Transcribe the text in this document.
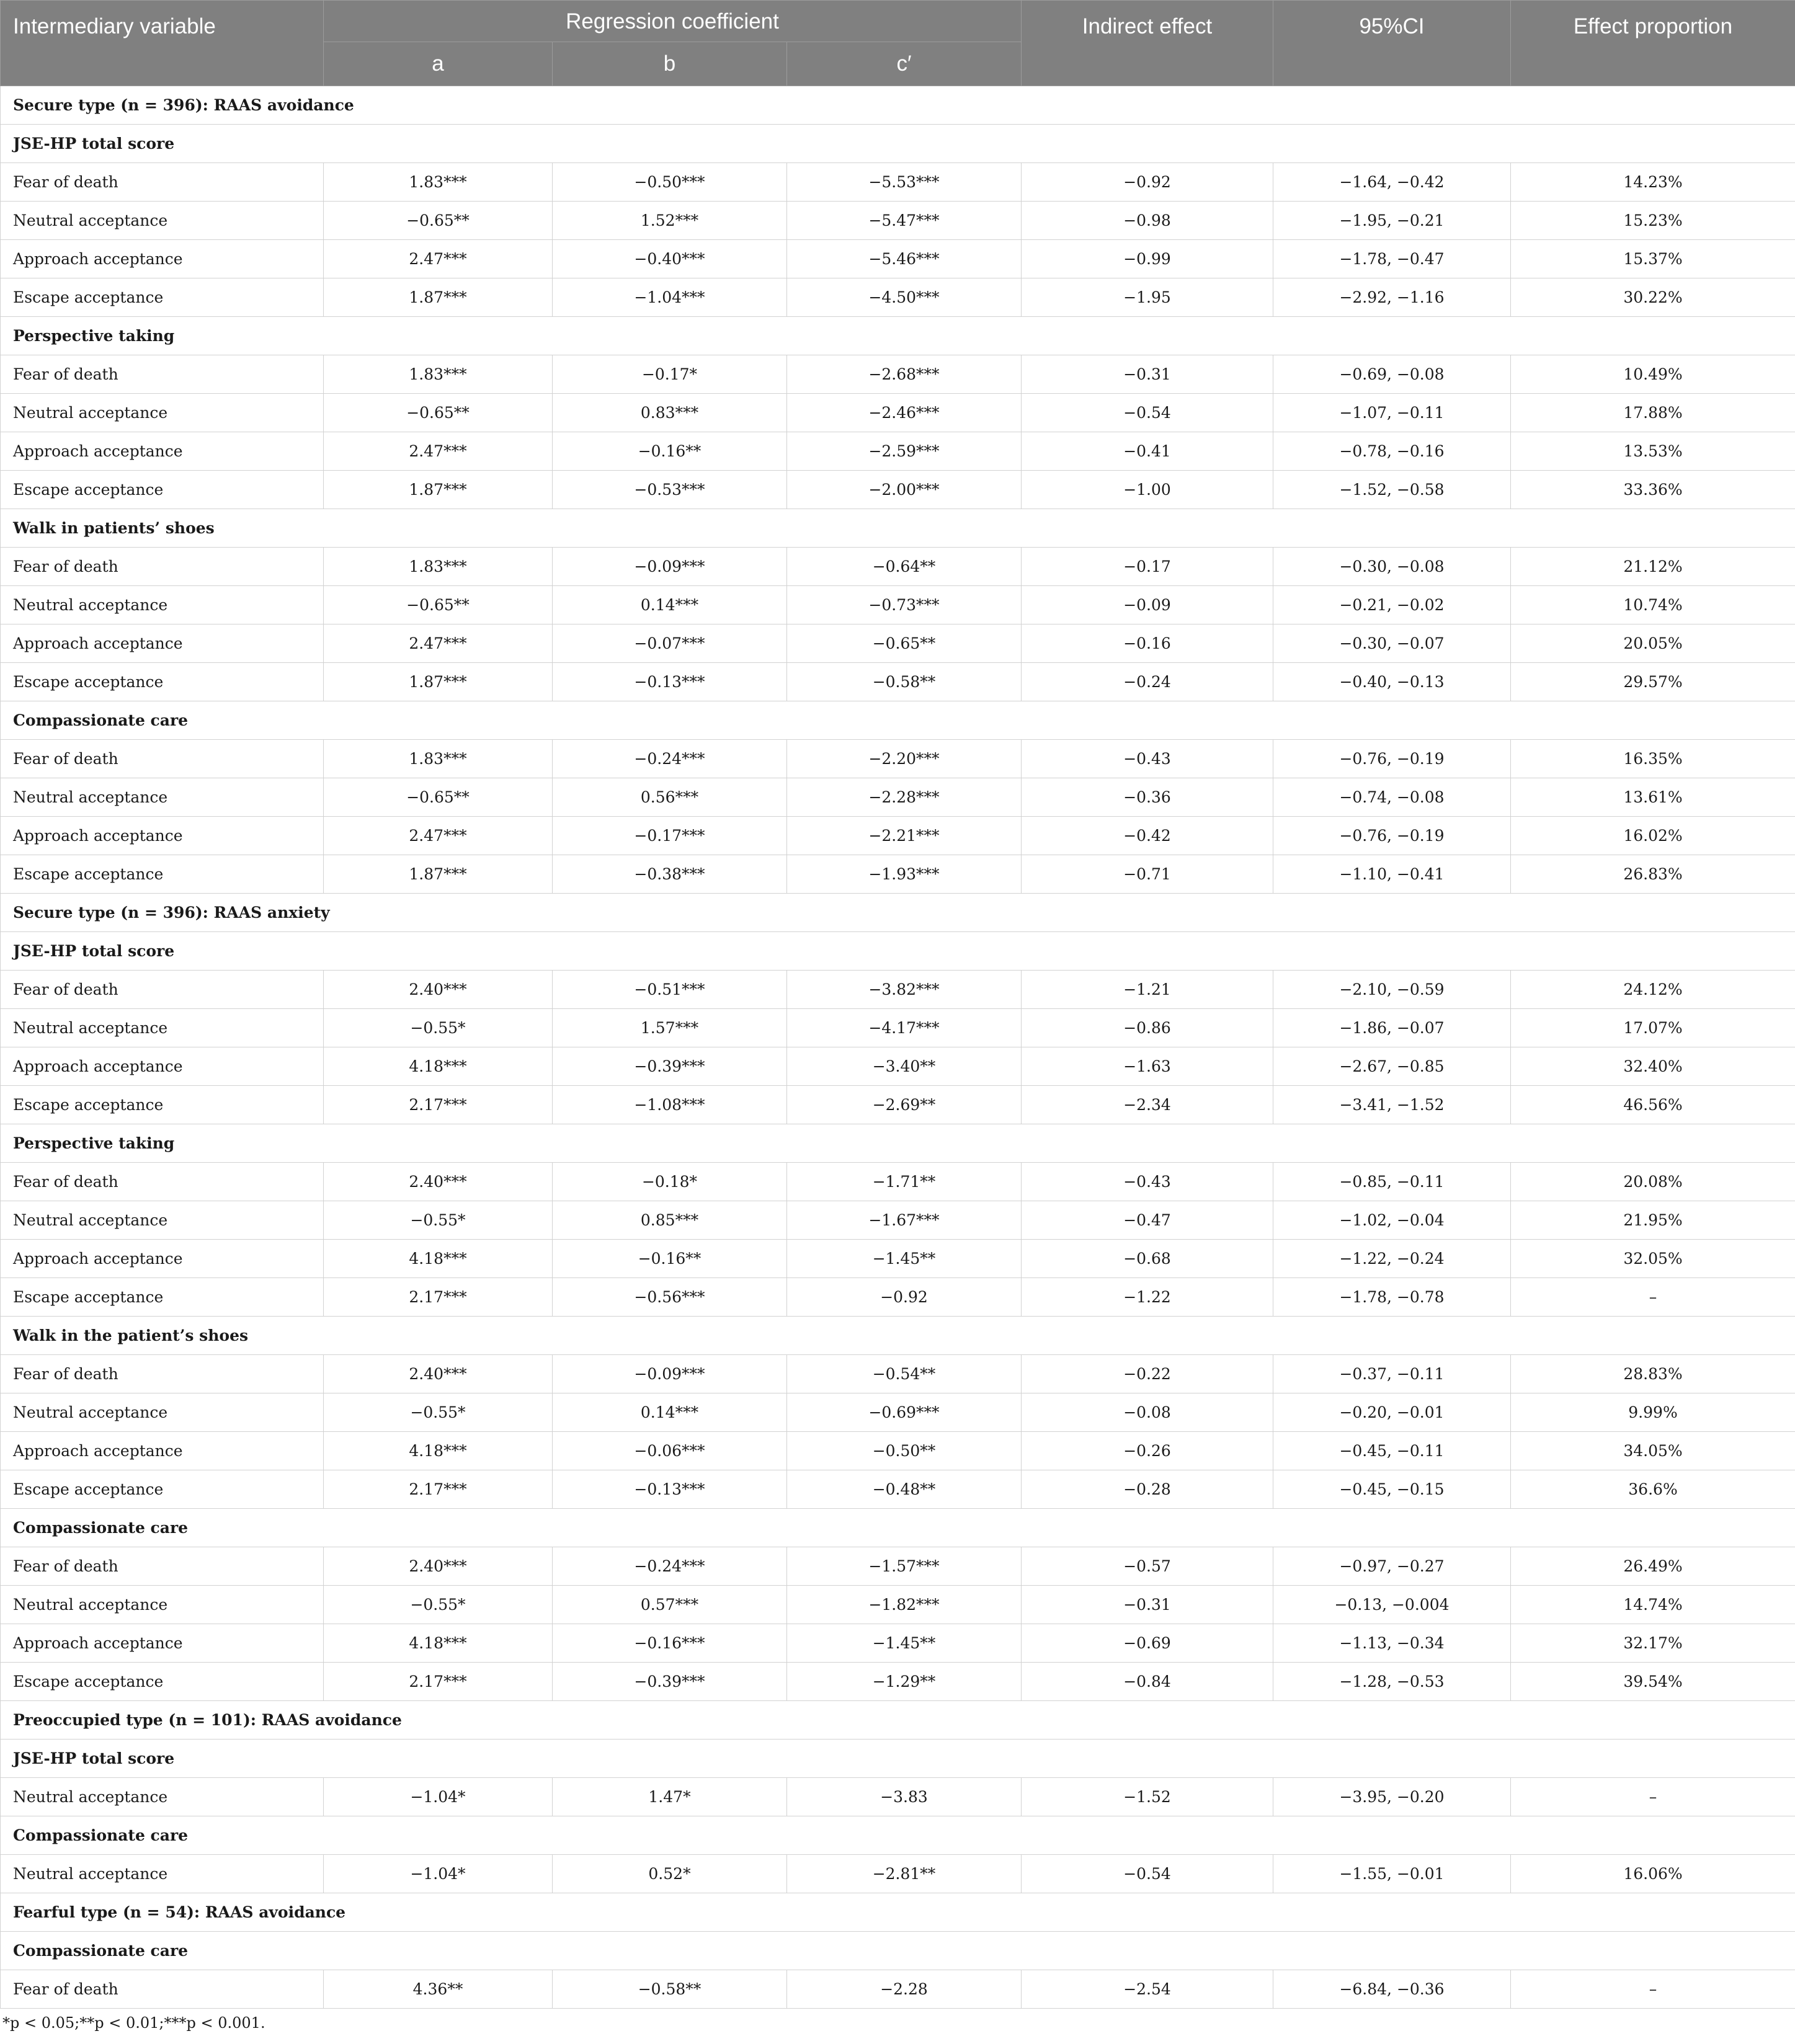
Intermediary variable	Regression coefficient			Indirect effect	95%CI	Effect proportion
	a	b	c′			
Secure type (n = 396): RAAS avoidance						
JSE-HP total score						
Fear of death	1.83***	−0.50***	−5.53***	−0.92	−1.64, −0.42	14.23%
Neutral acceptance	−0.65**	1.52***	−5.47***	−0.98	−1.95, −0.21	15.23%
Approach acceptance	2.47***	−0.40***	−5.46***	−0.99	−1.78, −0.47	15.37%
Escape acceptance	1.87***	−1.04***	−4.50***	−1.95	−2.92, −1.16	30.22%
Perspective taking						
Fear of death	1.83***	−0.17*	−2.68***	−0.31	−0.69, −0.08	10.49%
Neutral acceptance	−0.65**	0.83***	−2.46***	−0.54	−1.07, −0.11	17.88%
Approach acceptance	2.47***	−0.16**	−2.59***	−0.41	−0.78, −0.16	13.53%
Escape acceptance	1.87***	−0.53***	−2.00***	−1.00	−1.52, −0.58	33.36%
Walk in patients’ shoes						
Fear of death	1.83***	−0.09***	−0.64**	−0.17	−0.30, −0.08	21.12%
Neutral acceptance	−0.65**	0.14***	−0.73***	−0.09	−0.21, −0.02	10.74%
Approach acceptance	2.47***	−0.07***	−0.65**	−0.16	−0.30, −0.07	20.05%
Escape acceptance	1.87***	−0.13***	−0.58**	−0.24	−0.40, −0.13	29.57%
Compassionate care						
Fear of death	1.83***	−0.24***	−2.20***	−0.43	−0.76, −0.19	16.35%
Neutral acceptance	−0.65**	0.56***	−2.28***	−0.36	−0.74, −0.08	13.61%
Approach acceptance	2.47***	−0.17***	−2.21***	−0.42	−0.76, −0.19	16.02%
Escape acceptance	1.87***	−0.38***	−1.93***	−0.71	−1.10, −0.41	26.83%
Secure type (n = 396): RAAS anxiety						
JSE-HP total score						
Fear of death	2.40***	−0.51***	−3.82***	−1.21	−2.10, −0.59	24.12%
Neutral acceptance	−0.55*	1.57***	−4.17***	−0.86	−1.86, −0.07	17.07%
Approach acceptance	4.18***	−0.39***	−3.40**	−1.63	−2.67, −0.85	32.40%
Escape acceptance	2.17***	−1.08***	−2.69**	−2.34	−3.41, −1.52	46.56%
Perspective taking						
Fear of death	2.40***	−0.18*	−1.71**	−0.43	−0.85, −0.11	20.08%
Neutral acceptance	−0.55*	0.85***	−1.67***	−0.47	−1.02, −0.04	21.95%
Approach acceptance	4.18***	−0.16**	−1.45**	−0.68	−1.22, −0.24	32.05%
Escape acceptance	2.17***	−0.56***	−0.92	−1.22	−1.78, −0.78	–
Walk in the patient’s shoes						
Fear of death	2.40***	−0.09***	−0.54**	−0.22	−0.37, −0.11	28.83%
Neutral acceptance	−0.55*	0.14***	−0.69***	−0.08	−0.20, −0.01	9.99%
Approach acceptance	4.18***	−0.06***	−0.50**	−0.26	−0.45, −0.11	34.05%
Escape acceptance	2.17***	−0.13***	−0.48**	−0.28	−0.45, −0.15	36.6%
Compassionate care						
Fear of death	2.40***	−0.24***	−1.57***	−0.57	−0.97, −0.27	26.49%
Neutral acceptance	−0.55*	0.57***	−1.82***	−0.31	−0.13, −0.004	14.74%
Approach acceptance	4.18***	−0.16***	−1.45**	−0.69	−1.13, −0.34	32.17%
Escape acceptance	2.17***	−0.39***	−1.29**	−0.84	−1.28, −0.53	39.54%
Preoccupied type (n = 101): RAAS avoidance						
JSE-HP total score						
Neutral acceptance	−1.04*	1.47*	−3.83	−1.52	−3.95, −0.20	–
Compassionate care						
Neutral acceptance	−1.04*	0.52*	−2.81**	−0.54	−1.55, −0.01	16.06%
Fearful type (n = 54): RAAS avoidance						
Compassionate care						
Fear of death	4.36**	−0.58**	−2.28	−2.54	−6.84, −0.36	–
*p < 0.05;**p < 0.01;***p < 0.001.
